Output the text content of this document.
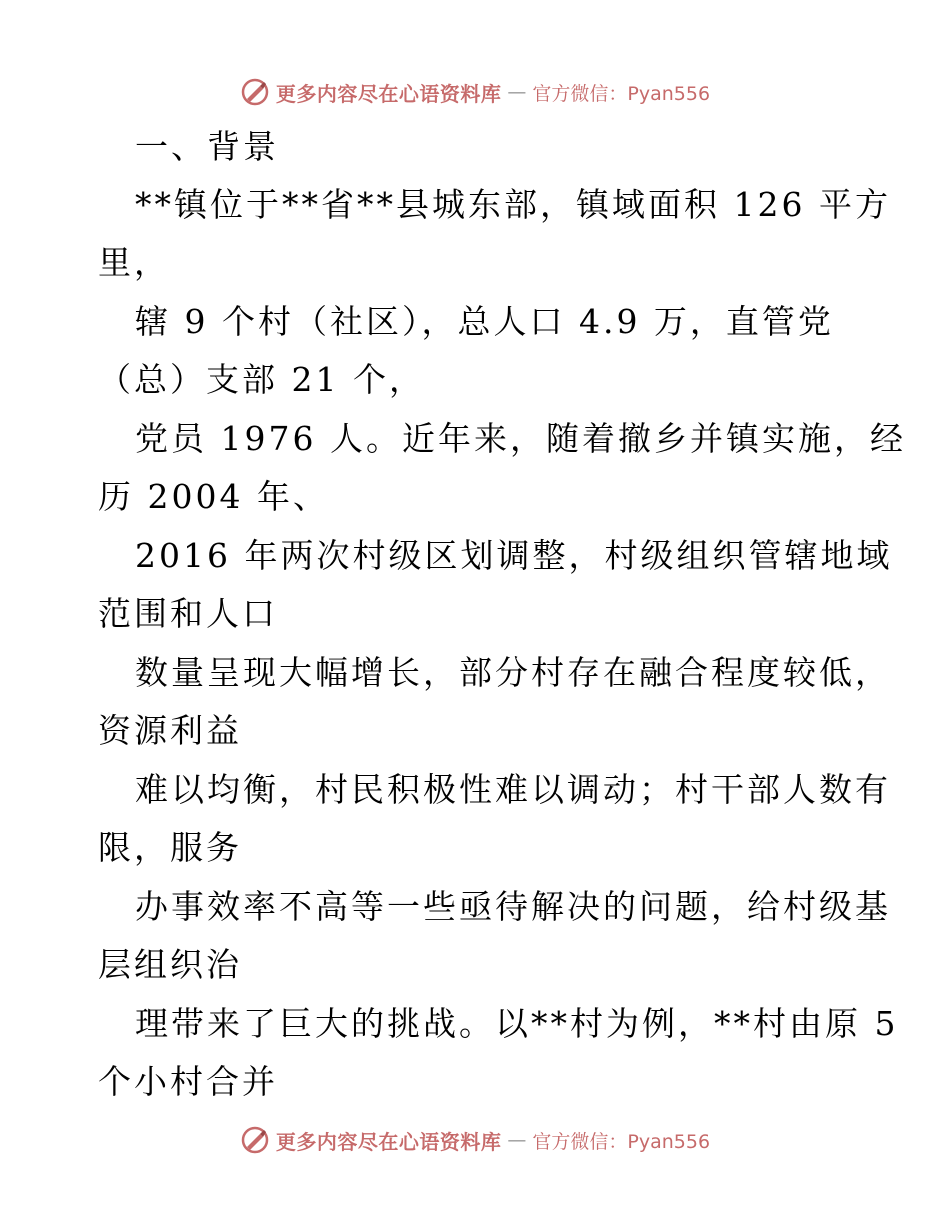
更多内容尽在心语资料库 — 官方微信：Pyan556
一、背景
**镇位于**省**县城东部，镇域面积 126 平方
里，
辖 9 个村（社区），总人口 4.9 万，直管党
（总）支部 21 个，
党员 1976 人。近年来，随着撤乡并镇实施，经
历 2004 年、
2016 年两次村级区划调整，村级组织管辖地域
范围和人口
数量呈现大幅增长，部分村存在融合程度较低，
资源利益
难以均衡，村民积极性难以调动；村干部人数有
限，服务
办事效率不高等一些亟待解决的问题，给村级基
层组织治
理带来了巨大的挑战。以**村为例，**村由原 5
个小村合并
更多内容尽在心语资料库 — 官方微信：Pyan556
